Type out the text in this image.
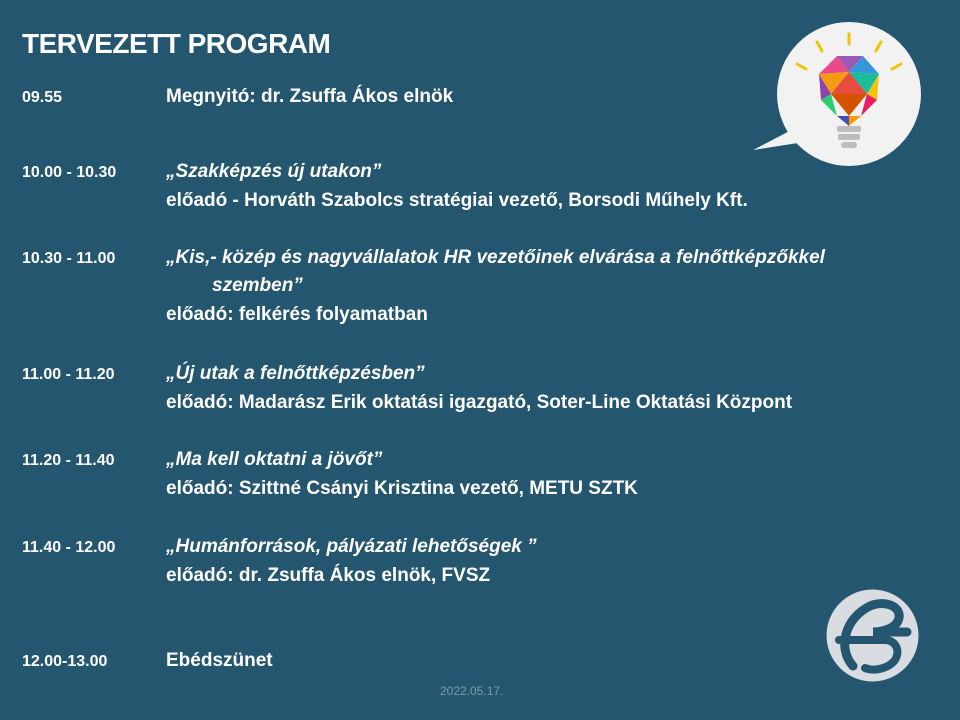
TERVEZETT PROGRAM
09.55	Megnyitó: dr. Zsuffa Ákos elnök
10.00 - 10.30	„Szakképzés új utakon”
előadó - Horváth Szabolcs stratégiai vezető, Borsodi Műhely Kft.
10.30 - 11.00	„Kis,- közép és nagyvállalatok HR vezetőinek elvárása a felnőttképzőkkel
szemben”
előadó: felkérés folyamatban
11.00 - 11.20	„Új utak a felnőttképzésben”
előadó: Madarász Erik oktatási igazgató, Soter-Line Oktatási Központ
11.20 - 11.40	„Ma kell oktatni a jövőt”
előadó: Szittné Csányi Krisztina vezető, METU SZTK
11.40 - 12.00	„Humánforrások, pályázati lehetőségek ”
előadó: dr. Zsuffa Ákos elnök, FVSZ
12.00-13.00	Ebédszünet
2022.05.17.
